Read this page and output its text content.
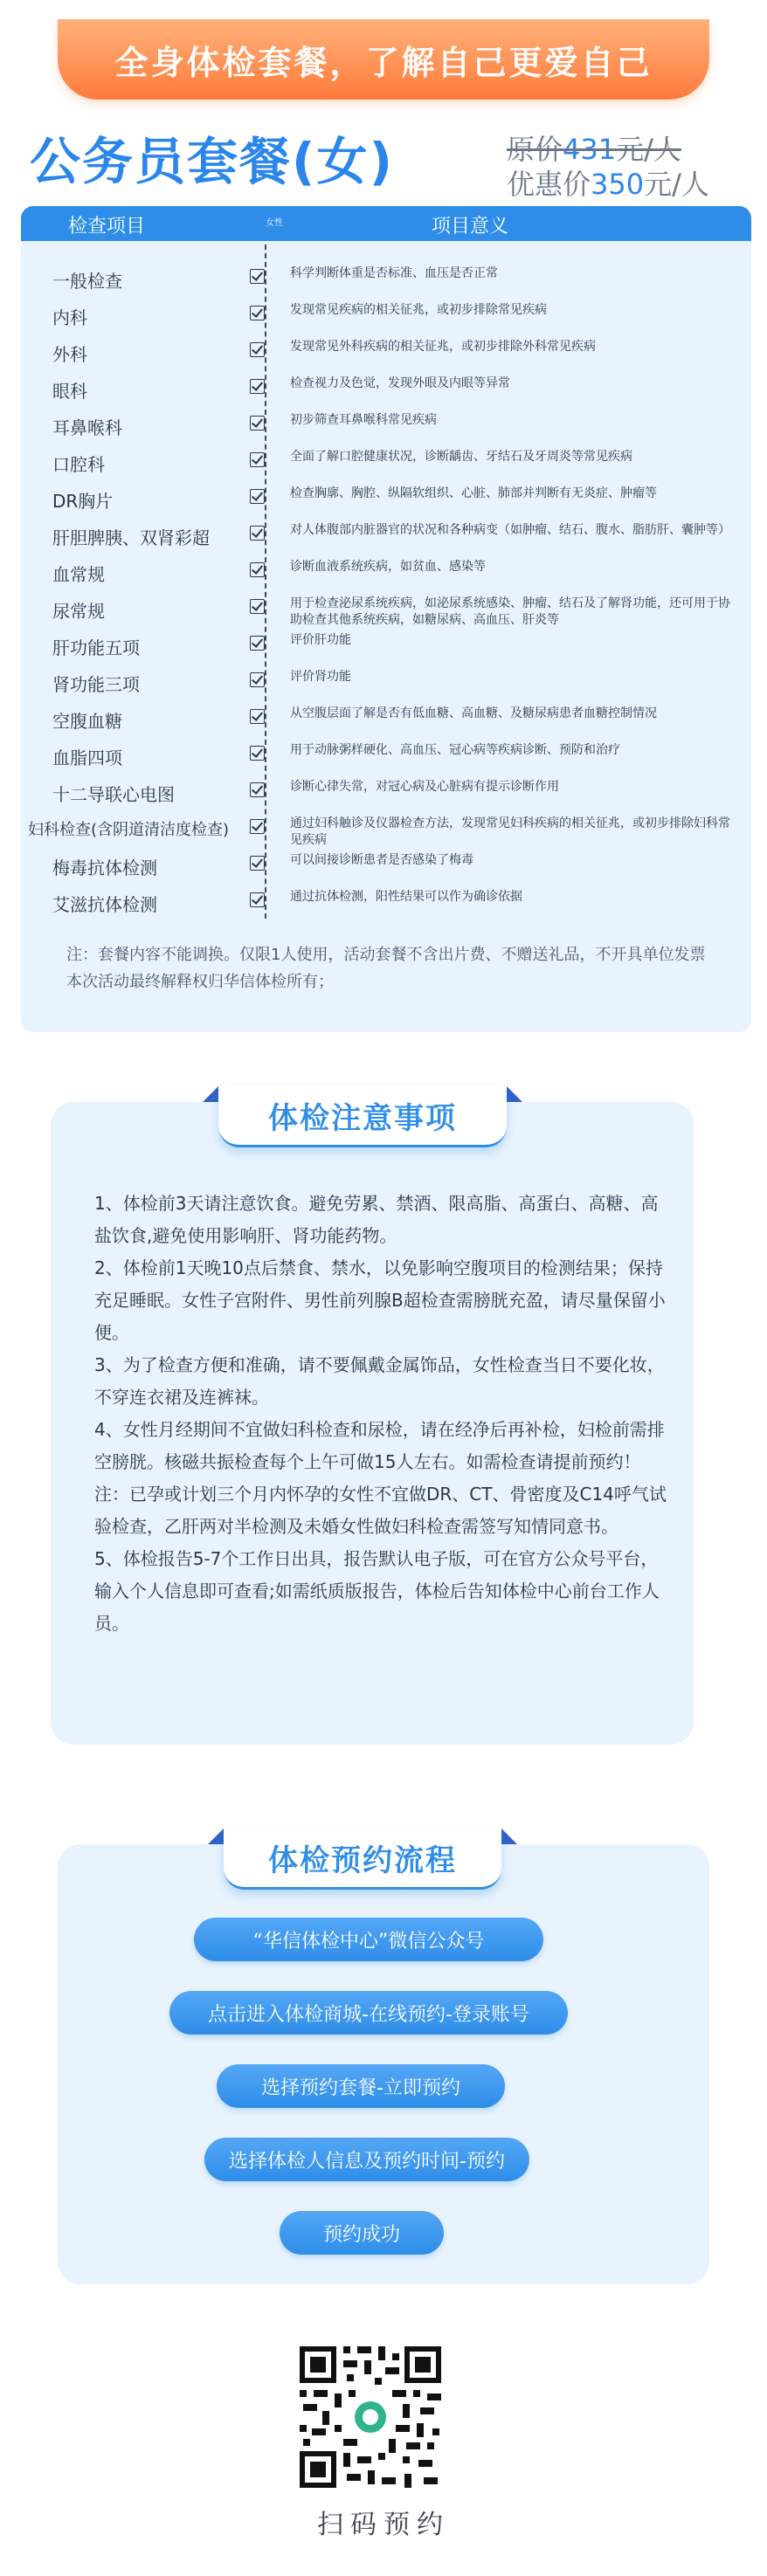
全身体检套餐，了解自己更爱自己
公务员套餐(女)	原价431元/人
优惠价350元/人
检查项目	女性	项目意义
一般检查	科学判断体重是否标准、血压是否正常
内科	发现常见疾病的相关征兆，或初步排除常见疾病
外科	发现常见外科疾病的相关征兆，或初步排除外科常见疾病
眼科	检查视力及色觉，发现外眼及内眼等异常
耳鼻喉科	初步筛查耳鼻喉科常见疾病
口腔科	全面了解口腔健康状况，诊断龋齿、牙结石及牙周炎等常见疾病
DR胸片	检查胸廓、胸腔、纵隔软组织、心脏、肺部并判断有无炎症、肿瘤等
肝胆脾胰、双肾彩超	对人体腹部内脏器官的状况和各种病变（如肿瘤、结石、腹水、脂肪肝、囊肿等）
血常规	诊断血液系统疾病，如贫血、感染等
尿常规	用于检查泌尿系统疾病，如泌尿系统感染、肿瘤、结石及了解肾功能，还可用于协助检查其他系统疾病，如糖尿病、高血压、肝炎等
肝功能五项	评价肝功能
肾功能三项	评价肾功能
空腹血糖	从空腹层面了解是否有低血糖、高血糖、及糖尿病患者血糖控制情况
血脂四项	用于动脉粥样硬化、高血压、冠心病等疾病诊断、预防和治疗
十二导联心电图	诊断心律失常，对冠心病及心脏病有提示诊断作用
妇科检查(含阴道清洁度检查)	通过妇科触诊及仪器检查方法，发现常见妇科疾病的相关征兆，或初步排除妇科常见疾病
梅毒抗体检测	可以间接诊断患者是否感染了梅毒
艾滋抗体检测	通过抗体检测，阳性结果可以作为确诊依据
注：套餐内容不能调换。仅限1人使用，活动套餐不含出片费、不赠送礼品，不开具单位发票本次活动最终解释权归华信体检所有；
体检注意事项

1、体检前3天请注意饮食。避免劳累、禁酒、限高脂、高蛋白、高糖、高盐饮食,避免使用影响肝、肾功能药物。

2、体检前1天晚10点后禁食、禁水，以免影响空腹项目的检测结果；保持充足睡眠。女性子宫附件、男性前列腺B超检查需膀胱充盈，请尽量保留小便。

3、为了检查方便和准确，请不要佩戴金属饰品，女性检查当日不要化妆，不穿连衣裙及连裤袜。

4、女性月经期间不宜做妇科检查和尿检，请在经净后再补检，妇检前需排空膀胱。核磁共振检查每个上午可做15人左右。如需检查请提前预约！注：已孕或计划三个月内怀孕的女性不宜做DR、CT、骨密度及C14呼气试验检查，乙肝两对半检测及未婚女性做妇科检查需签写知情同意书。

5、体检报告5-7个工作日出具，报告默认电子版，可在官方公众号平台，输入个人信息即可查看;如需纸质版报告，体检后告知体检中心前台工作人员。

体检预约流程
“华信体检中心”微信公众号
点击进入体检商城-在线预约-登录账号
选择预约套餐-立即预约
选择体检人信息及预约时间-预约
预约成功
扫码预约
